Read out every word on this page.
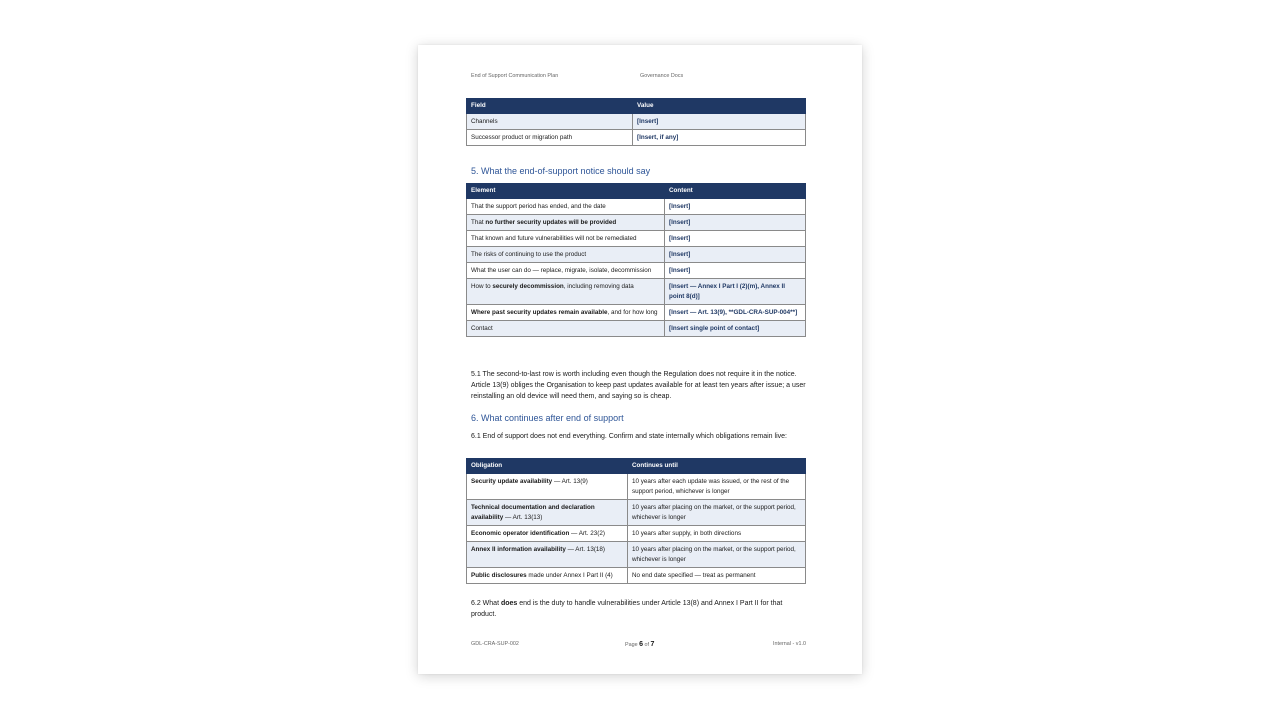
End of Support Communication Plan	Governance Docs
Field	Value
Channels	[Insert]
Successor product or migration path	[Insert, if any]
5. What the end-of-support notice should say
Element	Content
That the support period has ended, and the date	[Insert]
That no further security updates will be provided	[Insert]
That known and future vulnerabilities will not be remediated	[Insert]
The risks of continuing to use the product	[Insert]
What the user can do — replace, migrate, isolate, decommission	[Insert]
How to securely decommission, including removing data	[Insert — Annex I Part I (2)(m), Annex II point 8(d)]
Where past security updates remain available, and for how long	[Insert — Art. 13(9), **GDL-CRA-SUP-004**]
Contact	[Insert single point of contact]
5.1 The second-to-last row is worth including even though the Regulation does not require it in the notice. Article 13(9) obliges the Organisation to keep past updates available for at least ten years after issue; a user reinstalling an old device will need them, and saying so is cheap.
6. What continues after end of support
6.1 End of support does not end everything. Confirm and state internally which obligations remain live:
Obligation	Continues until
Security update availability — Art. 13(9)	10 years after each update was issued, or the rest of the support period, whichever is longer
Technical documentation and declaration availability — Art. 13(13)	10 years after placing on the market, or the support period, whichever is longer
Economic operator identification — Art. 23(2)	10 years after supply, in both directions
Annex II information availability — Art. 13(18)	10 years after placing on the market, or the support period, whichever is longer
Public disclosures made under Annex I Part II (4)	No end date specified — treat as permanent
6.2 What does end is the duty to handle vulnerabilities under Article 13(8) and Annex I Part II for that product.
GDL-CRA-SUP-002	Page 6 of 7	Internal - v1.0
